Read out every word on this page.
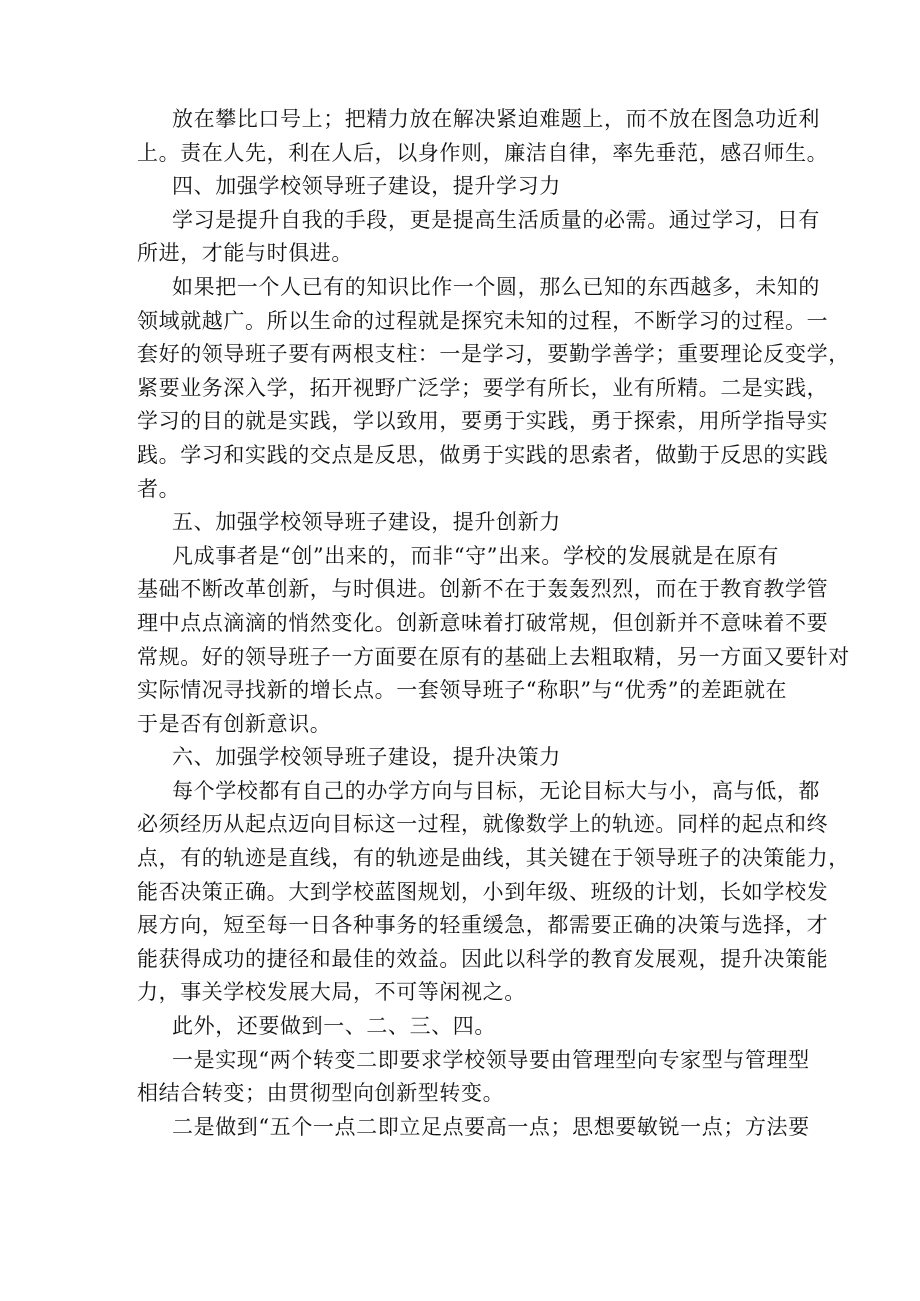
放在攀比口号上；把精力放在解决紧迫难题上，而不放在图急功近利
上。责在人先，利在人后，以身作则，廉洁自律，率先垂范，感召师生。
四、加强学校领导班子建设，提升学习力
学习是提升自我的手段，更是提高生活质量的必需。通过学习，日有
所进，才能与时俱进。
如果把一个人已有的知识比作一个圆，那么已知的东西越多，未知的
领域就越广。所以生命的过程就是探究未知的过程，不断学习的过程。一
套好的领导班子要有两根支柱：一是学习，要勤学善学；重要理论反变学，
紧要业务深入学，拓开视野广泛学；要学有所长，业有所精。二是实践，
学习的目的就是实践，学以致用，要勇于实践，勇于探索，用所学指导实
践。学习和实践的交点是反思，做勇于实践的思索者，做勤于反思的实践
者。
五、加强学校领导班子建设，提升创新力
凡成事者是“创”出来的，而非“守”出来。学校的发展就是在原有
基础不断改革创新，与时俱进。创新不在于轰轰烈烈，而在于教育教学管
理中点点滴滴的悄然变化。创新意味着打破常规，但创新并不意味着不要
常规。好的领导班子一方面要在原有的基础上去粗取精，另一方面又要针对
实际情况寻找新的增长点。一套领导班子“称职”与“优秀”的差距就在
于是否有创新意识。
六、加强学校领导班子建设，提升决策力
每个学校都有自己的办学方向与目标，无论目标大与小，高与低，都
必须经历从起点迈向目标这一过程，就像数学上的轨迹。同样的起点和终
点，有的轨迹是直线，有的轨迹是曲线，其关键在于领导班子的决策能力，
能否决策正确。大到学校蓝图规划，小到年级、班级的计划，长如学校发
展方向，短至每一日各种事务的轻重缓急，都需要正确的决策与选择，才
能获得成功的捷径和最佳的效益。因此以科学的教育发展观，提升决策能
力，事关学校发展大局，不可等闲视之。
此外，还要做到一、二、三、四。
一是实现“两个转变二即要求学校领导要由管理型向专家型与管理型
相结合转变；由贯彻型向创新型转变。
二是做到“五个一点二即立足点要高一点；思想要敏锐一点；方法要
